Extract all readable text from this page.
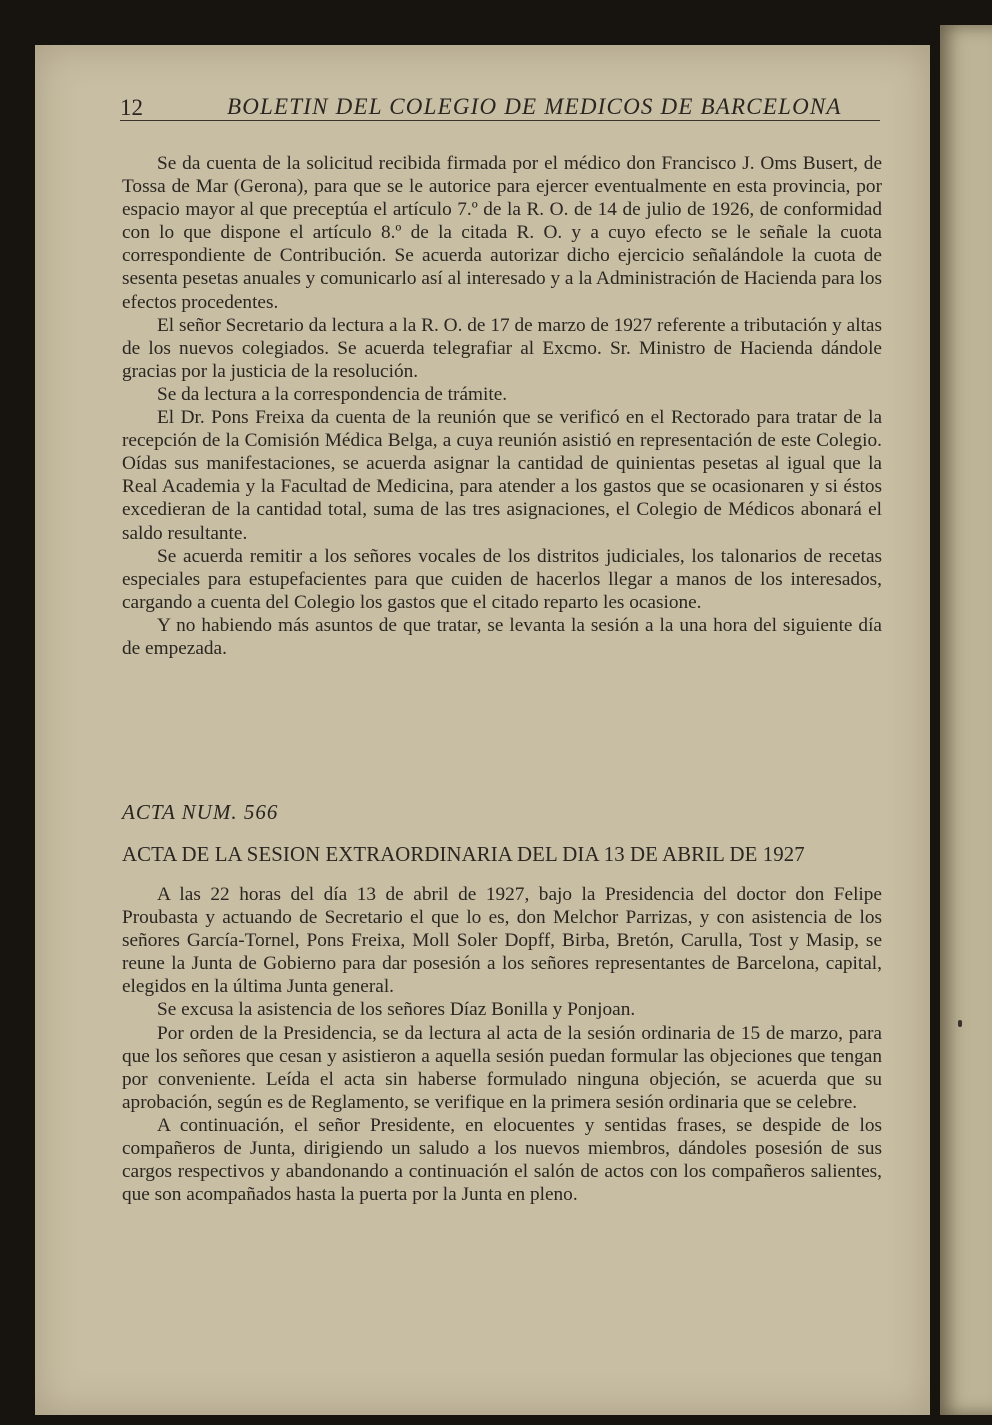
12	BOLETIN DEL COLEGIO DE MEDICOS DE BARCELONA

Se da cuenta de la solicitud recibida firmada por el médico don Francisco J. Oms Busert, de Tossa de Mar (Gerona), para que se le autorice para ejercer eventualmente en esta provincia, por espacio mayor al que preceptúa el artículo 7.º de la R. O. de 14 de julio de 1926, de conformidad con lo que dispone el artículo 8.º de la citada R. O. y a cuyo efecto se le señale la cuota correspondiente de Contribución. Se acuerda autorizar dicho ejercicio señalándole la cuota de sesenta pesetas anuales y comunicarlo así al interesado y a la Administración de Hacienda para los efectos procedentes.

El señor Secretario da lectura a la R. O. de 17 de marzo de 1927 referente a tributación y altas de los nuevos colegiados. Se acuerda telegrafiar al Excmo. Sr. Ministro de Hacienda dándole gracias por la justicia de la resolución.

Se da lectura a la correspondencia de trámite.

El Dr. Pons Freixa da cuenta de la reunión que se verificó en el Rectorado para tratar de la recepción de la Comisión Médica Belga, a cuya reunión asistió en representación de este Colegio. Oídas sus manifestaciones, se acuerda asignar la cantidad de quinientas pesetas al igual que la Real Academia y la Facultad de Medicina, para atender a los gastos que se ocasionaren y si éstos excedieran de la cantidad total, suma de las tres asignaciones, el Colegio de Médicos abonará el saldo resultante.

Se acuerda remitir a los señores vocales de los distritos judiciales, los talonarios de recetas especiales para estupefacientes para que cuiden de hacerlos llegar a manos de los interesados, cargando a cuenta del Colegio los gastos que el citado reparto les ocasione.

Y no habiendo más asuntos de que tratar, se levanta la sesión a la una hora del siguiente día de empezada.

ACTA NUM. 566
ACTA DE LA SESION EXTRAORDINARIA DEL DIA 13 DE ABRIL DE 1927

A las 22 horas del día 13 de abril de 1927, bajo la Presidencia del doctor don Felipe Proubasta y actuando de Secretario el que lo es, don Melchor Parrizas, y con asistencia de los señores García-Tornel, Pons Freixa, Moll Soler Dopff, Birba, Bretón, Carulla, Tost y Masip, se reune la Junta de Gobierno para dar posesión a los señores representantes de Barcelona, capital, elegidos en la última Junta general.

Se excusa la asistencia de los señores Díaz Bonilla y Ponjoan.

Por orden de la Presidencia, se da lectura al acta de la sesión ordinaria de 15 de marzo, para que los señores que cesan y asistieron a aquella sesión puedan formular las objeciones que tengan por conveniente. Leída el acta sin haberse formulado ninguna objeción, se acuerda que su aprobación, según es de Reglamento, se verifique en la primera sesión ordinaria que se celebre.

A continuación, el señor Presidente, en elocuentes y sentidas frases, se despide de los compañeros de Junta, dirigiendo un saludo a los nuevos miembros, dándoles posesión de sus cargos respectivos y abandonando a continuación el salón de actos con los compañeros salientes, que son acompañados hasta la puerta por la Junta en pleno.
